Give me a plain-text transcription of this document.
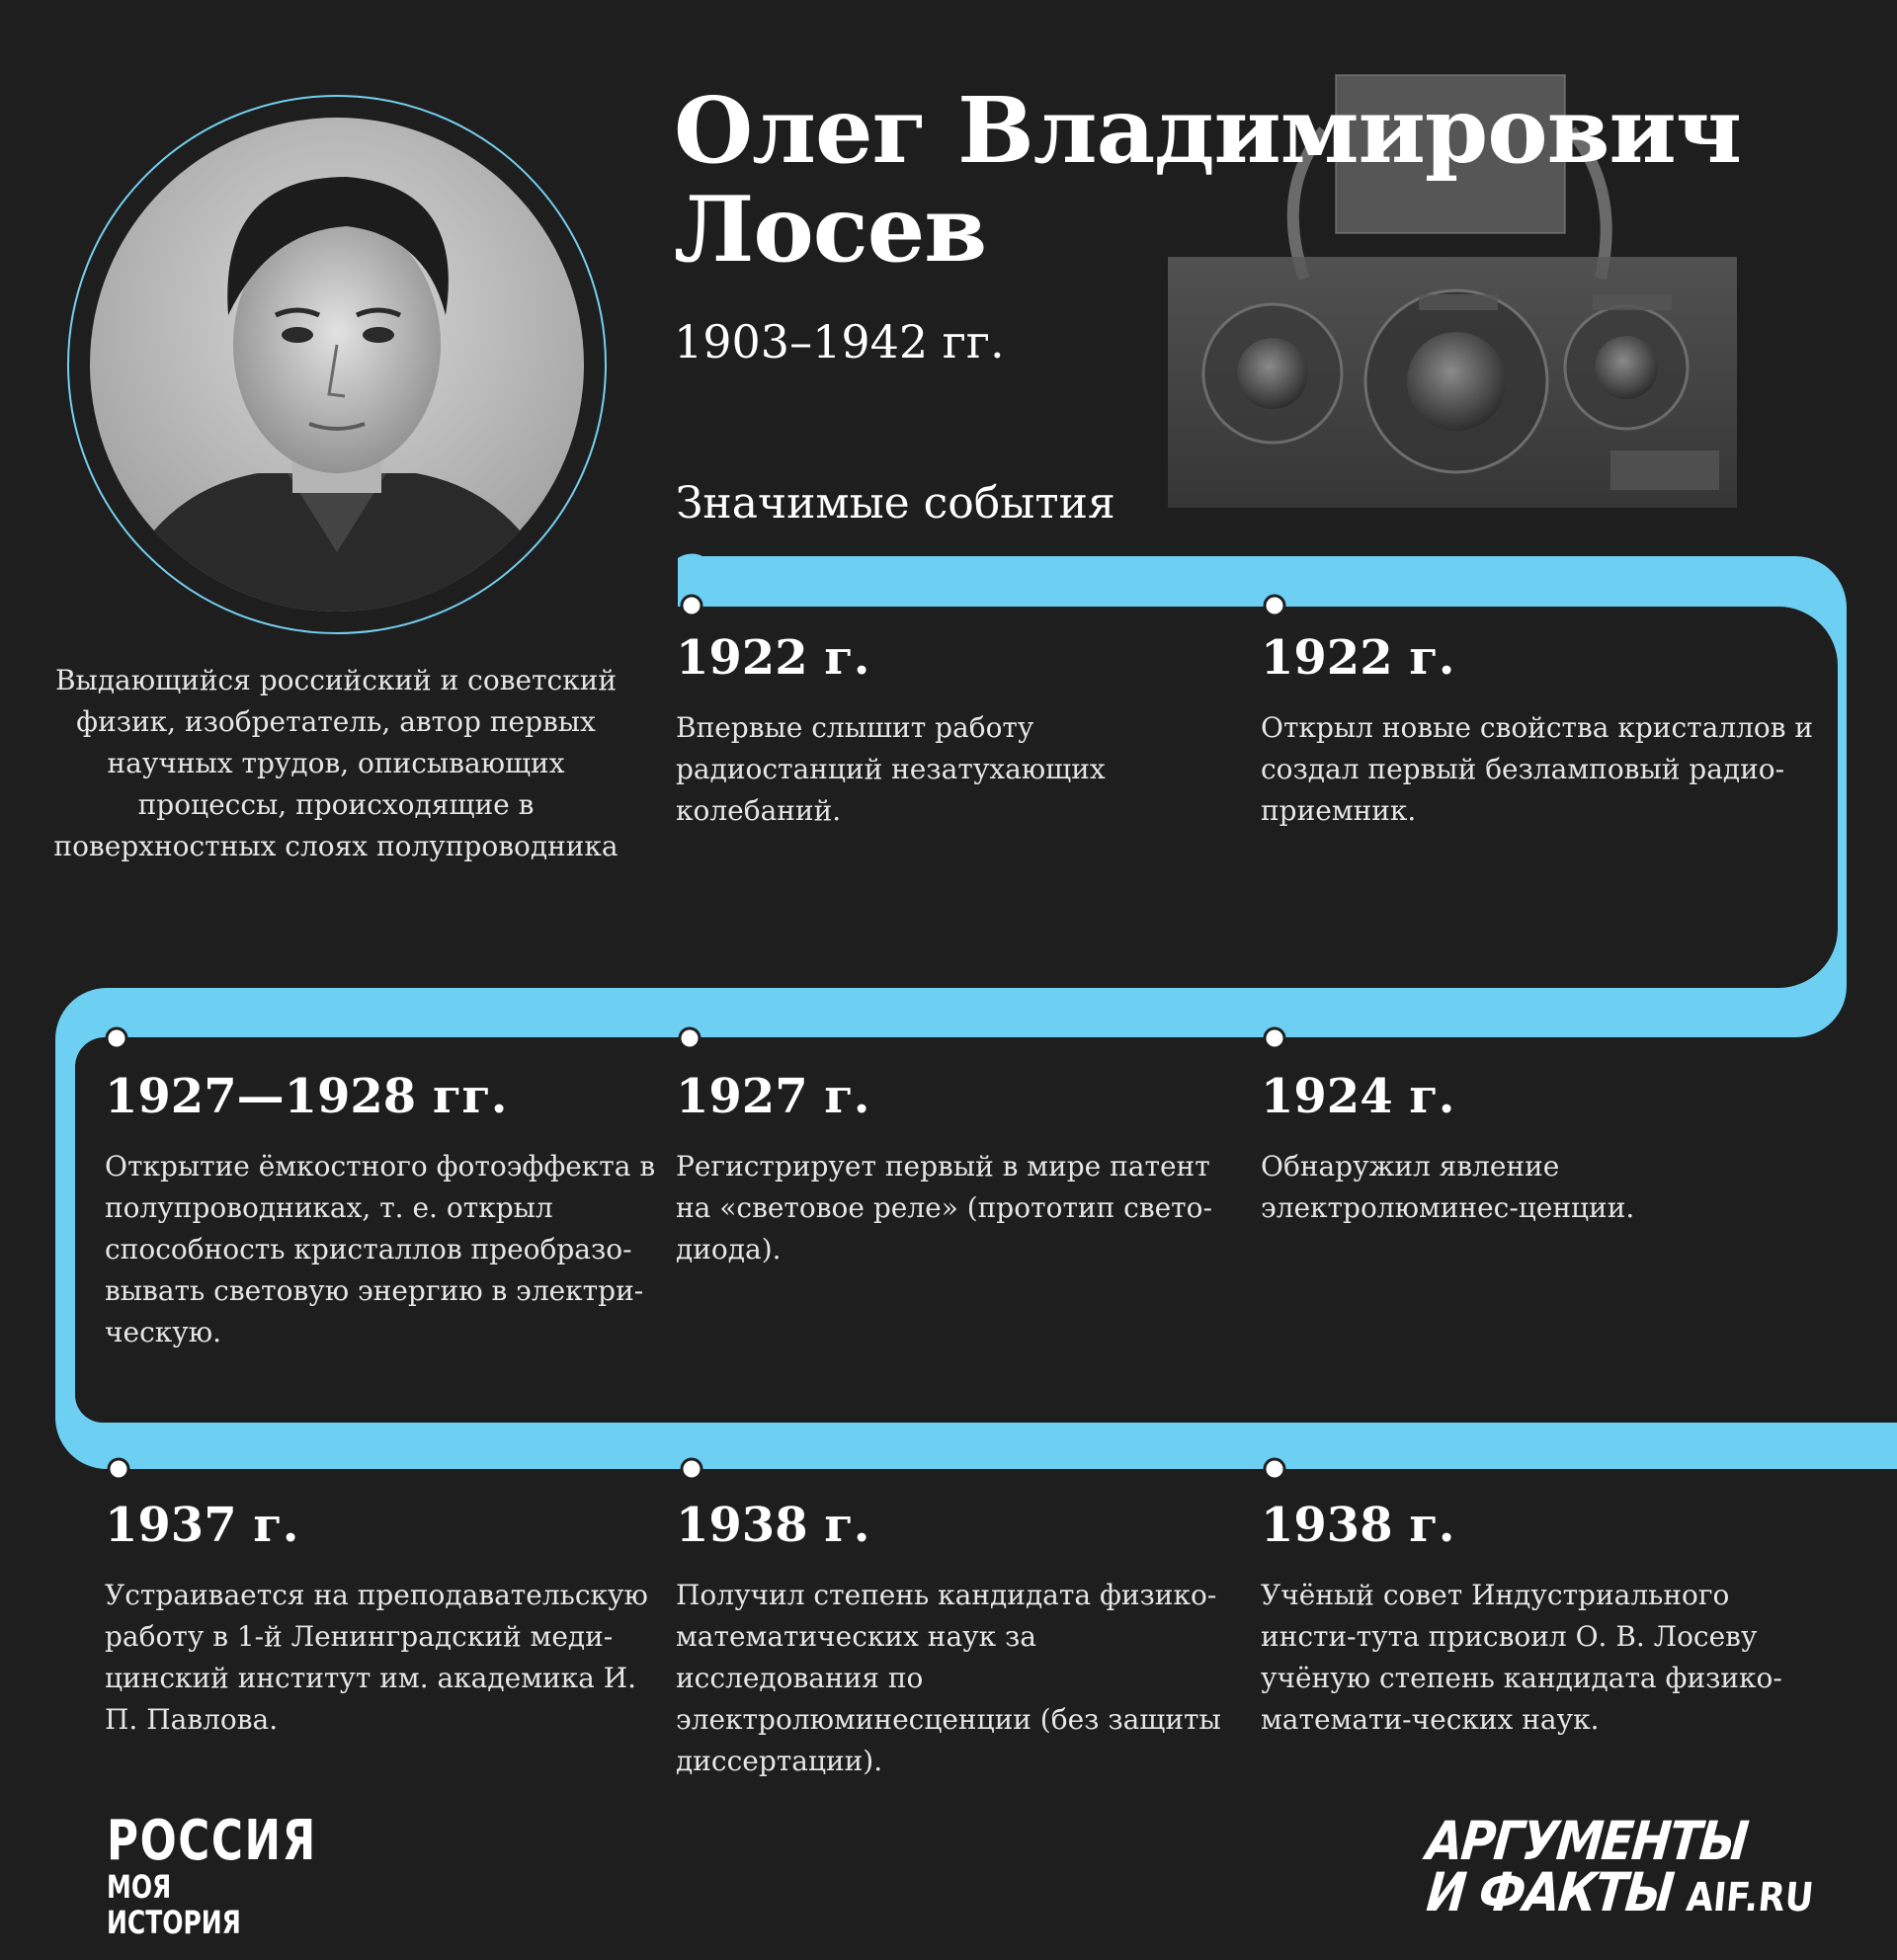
Олег Владимирович
Лосев
1903–1942 гг.
Значимые события
Выдающийся российский и советский физик, изобретатель, автор первых научных трудов, описывающих процессы, происходящие в поверхностных слоях полупроводника

1922 г.

Впервые слышит работу радиостанций незатухающих колебаний.

1922 г.

Открыл новые свойства кристаллов и создал первый безламповый радио-приемник.

1927—1928 гг.

Открытие ёмкостного фотоэффекта в полупроводниках, т. е. открыл способность кристаллов преобразо-вывать световую энергию в электри-ческую.

1927 г.

Регистрирует первый в мире патент на «световое реле» (прототип свето-диода).

1924 г.

Обнаружил явление электролюминес-ценции.

1937 г.

Устраивается на преподавательскую работу в 1-й Ленинградский меди-цинский институт им. академика И. П. Павлова.

1938 г.

Получил степень кандидата физико-математических наук за исследования по электролюминесценции (без защиты диссертации).

1938 г.

Учёный совет Индустриального инсти-тута присвоил О. В. Лосеву учёную степень кандидата физико-математи-ческих наук.

РОССИЯ
МОЯ ИСТОРИЯ
АРГУМЕНТЫ
И ФАКТЫ AIF.RU
